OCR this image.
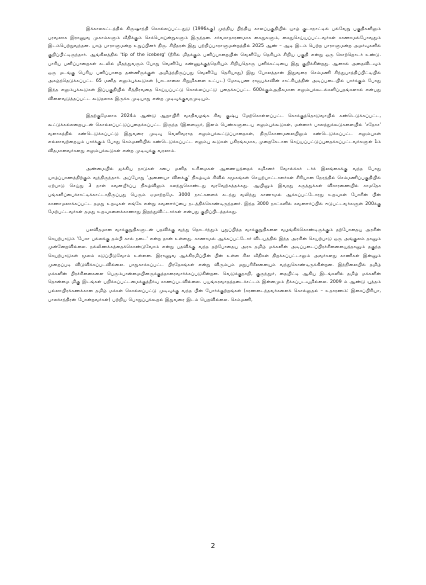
இக்காலகட்டத்தில் கிருஷாந்தி கொல்லப்பட்டதுடு (1996க்கு) முந்திய பிந்திய காலப்பகுதியில் யாழ் குடாநாட்டில் பல்வேறு பகுதிகளிலும் பரவலாக இராணுவ முகாம்களும் வீதிக்கும் செக்பொய்ன்றுகளும் இருந்தன. சர்வசாதாரணமாக கைதுகளும், கைதுசெய்யப்பட்டவர்கள் காணாமல்போவதும் இடம்பெற்றுவந்தன. யாழ் பாராளுமன்ற உறுப்பினர் திரு. சிறீதரன் இது பற்றிப்பாராளுமன்றத்தில் 2025 ஆண் – ஆடி இடம் பெற்ற பாராளுமன்ற அமர்வுகளில் குறிப்பிட்டிருந்தார். ஆங்கிலத்தில் 'tip of the iceberg' (நீரில் மிதக்கும் பனிப்பாறையின் வெளியே தெரியும் சிறிய பகுதி என்று ஒரு சொற்றொடர் உண்டு. பாரிய பனிப்பாறைகள் கடலில் மிதந்துவரும் போது வெளியே கண்ணுக்குத்தெரியும் சிறியதொரு பனிக்கட்டியை இது குறிக்கின்றது. ஆனால் அதைவிடவும் ஒரு மடங்கு பெரிய பனிப்பாறை தண்ணீருக்குள் அமிழ்ந்திருப்பது வெளியே தெரியாது) இது போலத்தான் இதுவரை செம்மணி சிந்துபாத்திப்பிட்டியில் அகழ்ந்தெடுக்கப்பட்ட 65 மனித எலும்புக்கூடுகள் (பாடசாலை சிறுமிகளை உட்பட) மோடிபண ராஜபக்சவின் சாட்சியத்தின் அடிப்படையில் பார்க்கும் போது இந்த எலும்புக்கூடுகள் இப்பகுதியில் சித்திரவதை செய்யப்பட்டு கொல்லப்பட்டு புதைக்கப்பட்ட 600க்கும்அதிகமான எலும்புக்கூடல்களிப்புதங்களால் என்பது விளைவடுத்தப்பட்ட கூடுதலாக இருக்க முடியாது என்ற முடிவுக்குவரமுடியும்.

இதற்குமேலாக 2024ம் ஆண்டு ஆறாயிரி வசதிவழங்க சிவ குஷ்பு மேற்கொள்ளப்பட்ட கொக்குத்தொடுவாயில் கண்டெடுக்கப்பட்ட, கூட்டுக்கல்லறையுடன் கொல்லப்பட்டுப்புதைக்கப்பட்ட இருந்த (இளைஞர், இளம் பெண்களுடைய எலும்புக்கூடுகள், மன்னார் பாலத்துக்கூடுகளையில் 'சதோச' வளாகத்தில் கண்டெடுக்கப்பட்டு இதுவரை முடிவு வெளிவராத எலும்புக்கூட்டுப்பாதைகள், திருகோணமலையிலும் கண்டெடுக்கப்பட்ட எலும்புகள் எல்லாவற்றையும் பார்க்கும் போது செம்மணியில் கண்டெடுக்கப்பட்ட எலும்பு கூடுகள் பகிரங்கமாக, முறைகேடான செய்யப்பட்டுப்புதைக்கப்பட்டவர்களுள் 1ம் விதமானவர்களது எலும்புக்கூடுகள் என்ற முடிவுக்கு வரலாம்.

அண்மையில் ஐக்கிய நாடுகள் சபை மனித உரிமைகள் ஆணையத்தைக் கமிசனர் வோல்க்கர் டர்க் இலங்கைக்கு வந்த போது யாழ்ப்பாணத்திற்கும் வந்திருந்தார். அப்போது 'அணையா விளக்கு' நிகழ்வும் சிவில் சமூகங்கள் செயற்பாட்டாளர்கள் சிரியான நேரத்தில் செம்மணிப்பகுதியில் ஏற்பாடு செய்து 3 நாள் கவனயீர்ப்பு நிகழ்விலும் கலந்துகொண்டது வரவேற்கத்தக்கது. ஆயினும் இவரது கருத்துக்கள் விசாரணையில் சாமதேச பங்களிப்பைச்சாட்டிக்காட்டாதிருப்பது பெரும் ஏமாற்றமே. 3000 நாட்களைக் கடந்து வலிந்து காணாமல் ஆக்கப்பட்டோரது உறவுகள் போரின் பின் காணாமலாக்கப்பட்ட தமது உறவுகள் எங்கே என்று கவனஈர்ப்பை நடத்திக்கொண்டிருந்தனர். இந்த 3000 நாட்களில் கவனஈர்ப்பில் ஈடுபட்டவர்களுள் 200க்கு மேற்பட்டவர்கள் தமது உறவுகளைக்காணாது இறந்துவிட்டார்கள் என்பது குறிப்பிடத்தக்கது.

பலவிதமான வாக்குறுதிகளுடன் பதவிக்கு வந்து தொடர்ந்தும் புதுப்பித்த வாக்குறுதிகளை வழங்கிக்கொண்டிருக்கும் தற்போதைய அரசின் செயற்பாடும் 'பேசா பல்லக்கு தம்பி கால் நடை' என்ற தான் உள்ளது. காணாமல் ஆக்கப்பட்டோர் விடயத்தில் இந்த அரசின் செயற்பாடு ஒரு அங்குலம் தானும் முன்னேறவில்லை. நல்லிணக்கத்தைக்கொண்டுவோம் என்று பதவிக்கு வந்த தற்போதைய அரசு தமிழ் மக்களின் அடிப்படைப்பிரச்சினையைத்தானும் தகுந்த செயற்பாடுகள் மூலம் கடுப்பிடுவோம் உள்ளன. இராணுவ ஆக்கிரமிப்பின் பின் உள்ள சில வீதிகள் திறக்கப்பட்டாலும் அவர்களது காணிகள் இன்னும் முறைப்படி விடுவிக்கப்படவில்லை. பாதுகாக்கப்பட்ட பிரதேசங்கள் என்று விரும்பும் மறுபரிசீலனையும் வந்துகொண்டிருக்கின்றன. இந்நிலையில் தமிழ் மக்களின் பிரச்சினைகளை பெரும்பான்மையினருக்குத்தாரைவார்க்கப்படுகின்றன. வெடுக்குநாறி, குருந்தூர், தையிட்டி ஆகிய இடங்களில் தமிழ் மக்களின் தொன்மை மிகு இடங்கள் பறிக்கப்பட்டமைக்குத்தீர்வு காணப்படவில்லை. பயங்கரவாதத்தடைச்சட்டம் இன்னமும் நீக்கப்படவுமில்லை. 2009 ம் ஆண்டு யுத்தம் பல்லாயிரக்கணக்கான தமிழ் மக்கள் கொல்லப்பட்டு முடிவுக்கு வந்த பின் போர்க்குற்றங்கள் (சரணடைந்தவர்களைக் கொல்லுதல் – உதாரணம்: இசைப்பிரியா, பாலச்சந்திரன் போன்றவர்கள்) பற்றிய பொறுப்புக்கூறல் இதுவரை இடம் பெறவில்லை. செம்மணி,

2
